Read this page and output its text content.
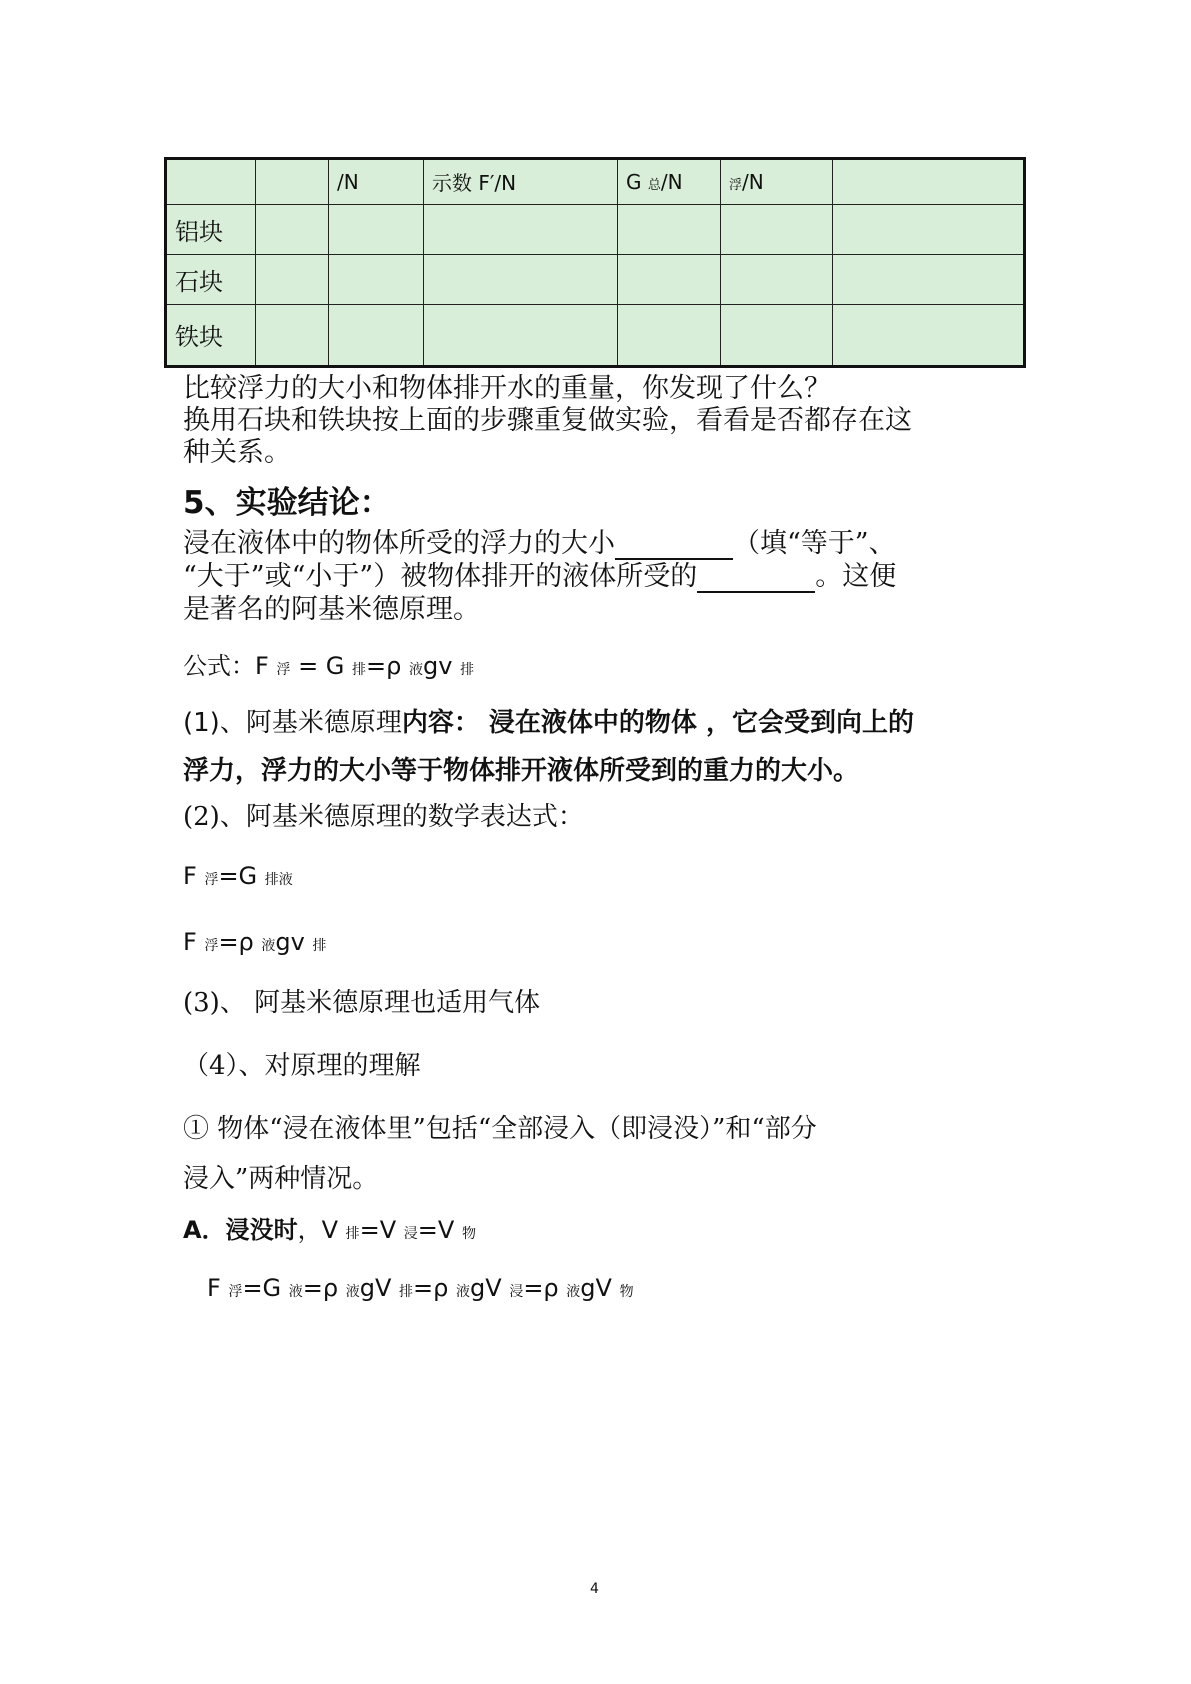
		/N	示数 F′/N	G 总/N	浮/N	
铝块						
石块						
铁块						

比较浮力的大小和物体排开水的重量，你发现了什么？

换用石块和铁块按上面的步骤重复做实验，看看是否都存在这

种关系。

5、实验结论：

浸在液体中的物体所受的浮力的大小	（填“等于”、

“大于”或“小于”）被物体排开的液体所受的	。这便

是著名的阿基米德原理。

公式：F 浮 = G 排=ρ 液gv 排
(1)、阿基米德原理内容： 浸在液体中的物体 ，它会受到向上的
浮力，浮力的大小等于物体排开液体所受到的重力的大小。
(2)、阿基米德原理的数学表达式：
F 浮=G 排液
F 浮=ρ 液gv 排
(3)、 阿基米德原理也适用气体
（4）、对原理的理解
① 物体“浸在液体里”包括“全部浸入（即浸没）”和“部分
浸入”两种情况。
A．浸没时，V 排=V 浸=V 物
F 浮=G 液=ρ 液gV 排=ρ 液gV 浸=ρ 液gV 物
4
